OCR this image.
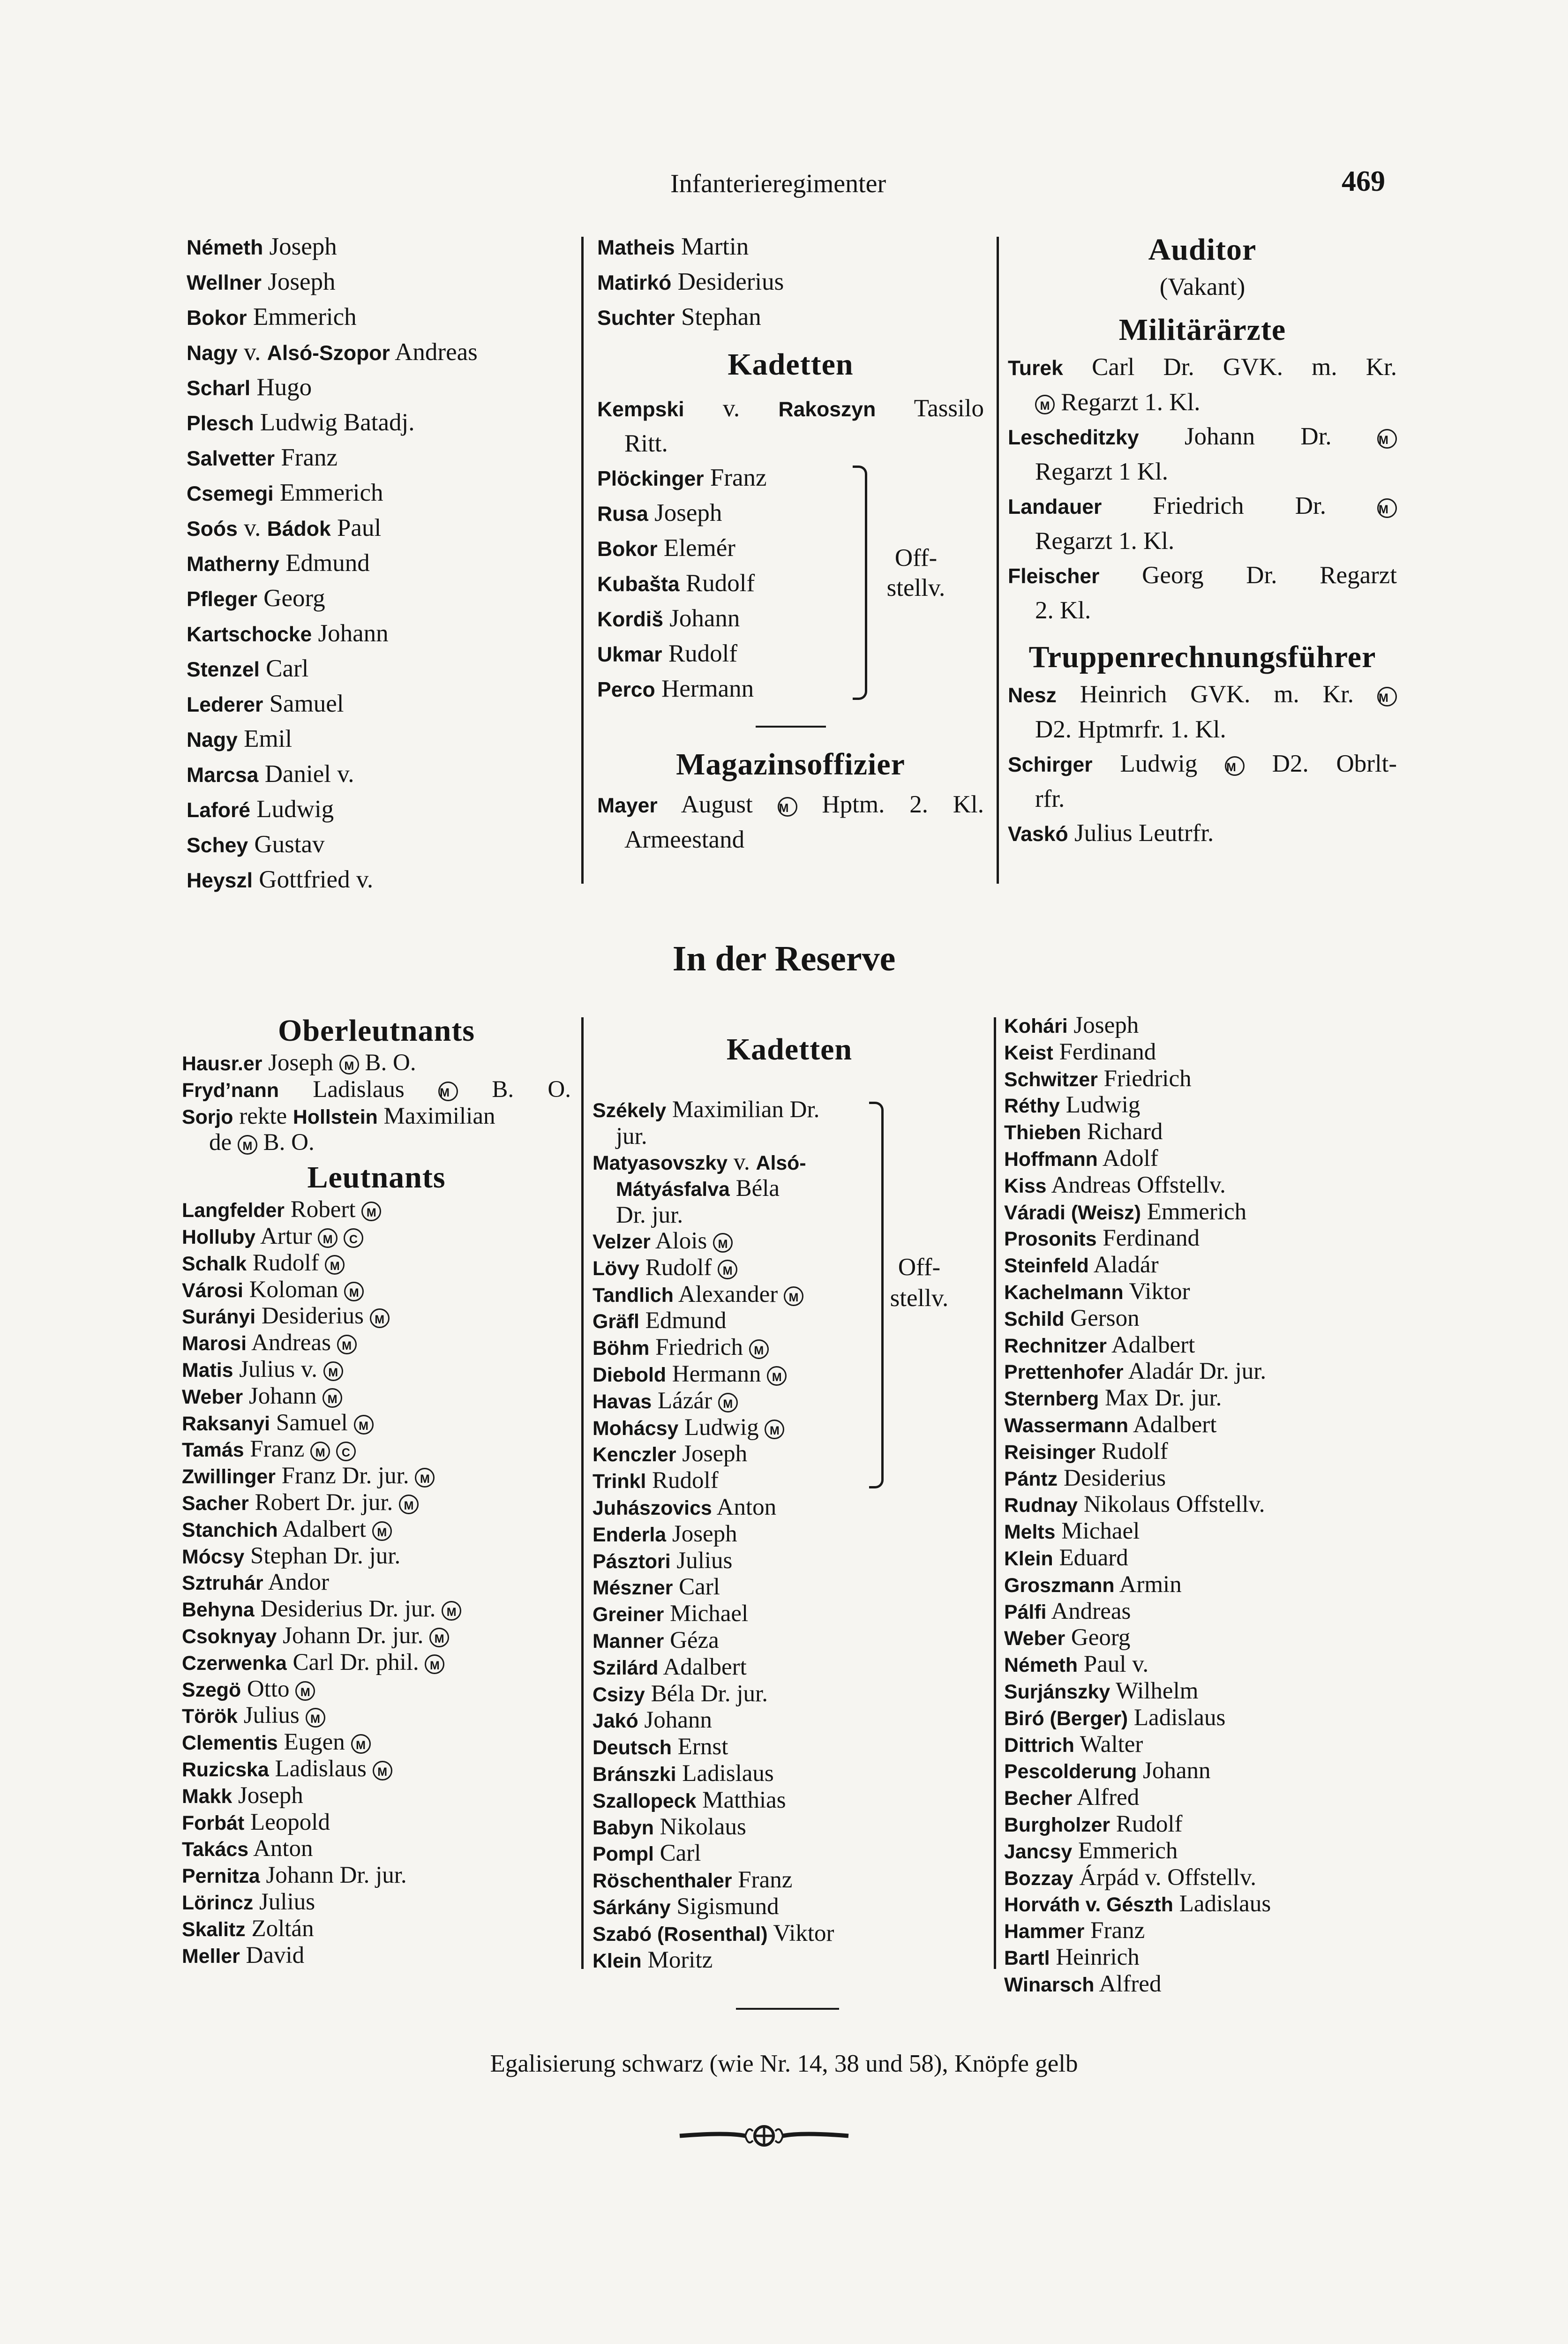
Infanterieregimenter	469
Németh Joseph
Wellner Joseph
Bokor Emmerich
Nagy v. Alsó-Szopor Andreas
Scharl Hugo
Plesch Ludwig Batadj.
Salvetter Franz
Csemegi Emmerich
Soós v. Bádok Paul
Matherny Edmund
Pfleger Georg
Kartschocke Johann
Stenzel Carl
Lederer Samuel
Nagy Emil
Marcsa Daniel v.
Laforé Ludwig
Schey Gustav
Heyszl Gottfried v.
Matheis Martin
Matirkó Desiderius
Suchter Stephan
Kadetten
Kempski v. Rakoszyn Tassilo
Ritt.
Plöckinger Franz
Rusa Joseph
Bokor Elemér
Kubašta Rudolf
Kordiš Johann
Ukmar Rudolf
Perco Hermann
Off-
stellv.
Magazinsoffizier
Mayer August M Hptm. 2. Kl.
Armeestand
Auditor
(Vakant)
Militärärzte
Turek Carl Dr. GVK. m. Kr.
M Regarzt 1. Kl.
Lescheditzky Johann Dr.	M
Regarzt 1 Kl.
Landauer Friedrich Dr.	M
Regarzt 1. Kl.
Fleischer Georg Dr. Regarzt
2. Kl.
Truppenrechnungsführer
Nesz Heinrich GVK. m. Kr. M
D2. Hptmrfr. 1. Kl.
Schirger Ludwig M D2. Obrlt-
rfr.
Vaskó Julius Leutrfr.
In der Reserve
Oberleutnants
Hausr.er Joseph M B. O.
Fryd’nann Ladislaus	M B. O.
Sorjo rekte Hollstein Maximilian
de M B. O.
Leutnants
Langfelder Robert M
Holluby Artur M C
Schalk Rudolf M
Városi Koloman M
Surányi Desiderius M
Marosi Andreas M
Matis Julius v. M
Weber Johann M
Raksanyi Samuel M
Tamás Franz M C
Zwillinger Franz Dr. jur. M
Sacher Robert Dr. jur. M
Stanchich Adalbert M
Mócsy Stephan Dr. jur.
Sztruhár Andor
Behyna Desiderius Dr. jur. M
Csoknyay Johann Dr. jur. M
Czerwenka Carl Dr. phil. M
Szegö Otto M
Török Julius M
Clementis Eugen M
Ruzicska Ladislaus M
Makk Joseph
Forbát Leopold
Takács Anton
Pernitza Johann Dr. jur.
Lörincz Julius
Skalitz Zoltán
Meller David
Kadetten
Székely Maximilian Dr.
jur.
Matyasovszky v. Alsó-
Mátyásfalva Béla
Dr. jur.
Velzer Alois M
Lövy Rudolf M
Tandlich Alexander M
Gräfl Edmund
Böhm Friedrich M
Diebold Hermann M
Havas Lázár M
Mohácsy Ludwig M
Kenczler Joseph
Trinkl Rudolf
Off-
stellv.
Juhászovics Anton
Enderla Joseph
Pásztori Julius
Mészner Carl
Greiner Michael
Manner Géza
Szilárd Adalbert
Csizy Béla Dr. jur.
Jakó Johann
Deutsch Ernst
Bránszki Ladislaus
Szallopeck Matthias
Babyn Nikolaus
Pompl Carl
Röschenthaler Franz
Sárkány Sigismund
Szabó (Rosenthal) Viktor
Klein Moritz
Kohári Joseph
Keist Ferdinand
Schwitzer Friedrich
Réthy Ludwig
Thieben Richard
Hoffmann Adolf
Kiss Andreas Offstellv.
Váradi (Weisz) Emmerich
Prosonits Ferdinand
Steinfeld Aladár
Kachelmann Viktor
Schild Gerson
Rechnitzer Adalbert
Prettenhofer Aladár Dr. jur.
Sternberg Max Dr. jur.
Wassermann Adalbert
Reisinger Rudolf
Pántz Desiderius
Rudnay Nikolaus Offstellv.
Melts Michael
Klein Eduard
Groszmann Armin
Pálfi Andreas
Weber Georg
Németh Paul v.
Surjánszky Wilhelm
Biró (Berger) Ladislaus
Dittrich Walter
Pescolderung Johann
Becher Alfred
Burgholzer Rudolf
Jancsy Emmerich
Bozzay Árpád v. Offstellv.
Horváth v. Gészth Ladislaus
Hammer Franz
Bartl Heinrich
Winarsch Alfred
Egalisierung schwarz (wie Nr. 14, 38 und 58), Knöpfe gelb
